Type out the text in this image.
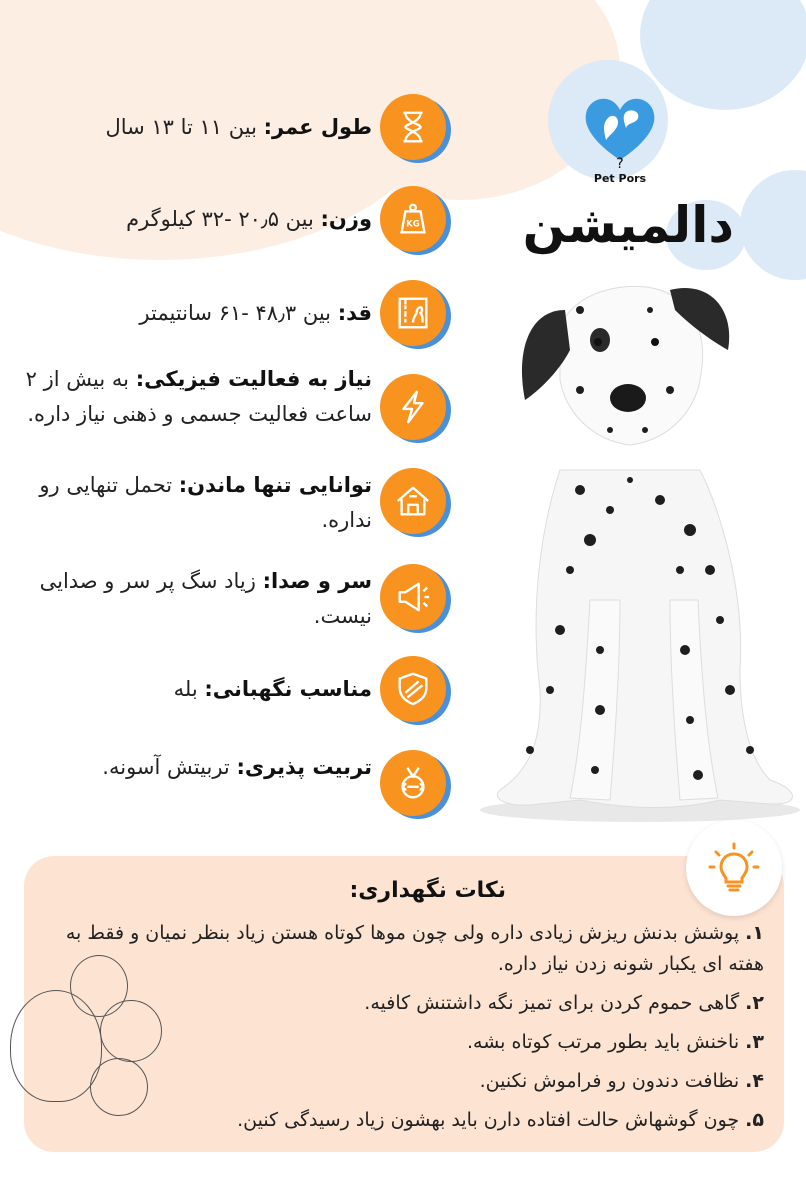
?
Pet Pors
دالمیشن
طول عمر: بین ۱۱ تا ۱۳ سال
KG
وزن: بین ۲۰٫۵ -۳۲ کیلوگرم
قد: بین ۴۸٫۳ -۶۱ سانتیمتر
نیاز به فعالیت فیزیکی: به بیش از ۲ ساعت فعالیت جسمی و ذهنی نیاز داره.
توانایی تنها ماندن: تحمل تنهایی رو نداره.
سر و صدا: زیاد سگ پر سر و صدایی نیست.
مناسب نگهبانی: بله
تربیت پذیری: تربیتش آسونه.
نکات نگهداری:
۱. پوشش بدنش ریزش زیادی داره ولی چون موها کوتاه هستن زیاد بنظر نمیان و فقط به هفته ای یکبار شونه زدن نیاز داره.
۲. گاهی حموم کردن برای تمیز نگه داشتنش کافیه.
۳. ناخنش باید بطور مرتب کوتاه بشه.
۴. نظافت دندون رو فراموش نکنین.
۵. چون گوشهاش حالت افتاده دارن باید بهشون زیاد رسیدگی کنین.
